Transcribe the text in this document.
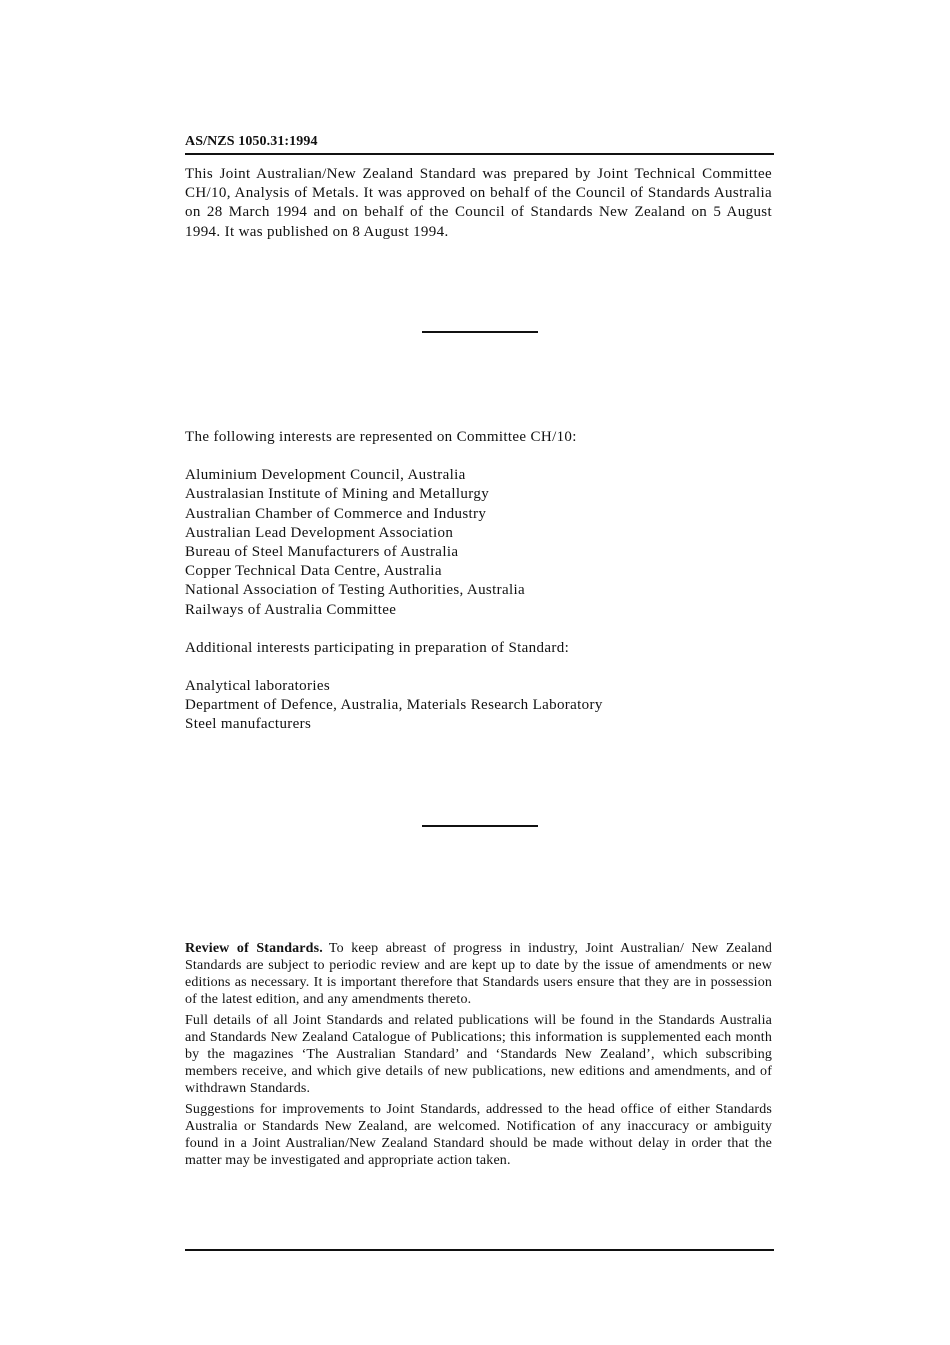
AS/NZS 1050.31:1994

This Joint Australian/New Zealand Standard was prepared by Joint Technical Committee CH/10, Analysis of Metals. It was approved on behalf of the Council of Standards Australia on 28 March 1994 and on behalf of the Council of Standards New Zealand on 5 August 1994. It was published on 8 August 1994.

The following interests are represented on Committee CH/10:
Aluminium Development Council, Australia
Australasian Institute of Mining and Metallurgy
Australian Chamber of Commerce and Industry
Australian Lead Development Association
Bureau of Steel Manufacturers of Australia
Copper Technical Data Centre, Australia
National Association of Testing Authorities, Australia
Railways of Australia Committee
Additional interests participating in preparation of Standard:
Analytical laboratories
Department of Defence, Australia, Materials Research Laboratory
Steel manufacturers

Review of Standards. To keep abreast of progress in industry, Joint Australian/ New Zealand Standards are subject to periodic review and are kept up to date by the issue of amendments or new editions as necessary. It is important therefore that Standards users ensure that they are in possession of the latest edition, and any amendments thereto.

Full details of all Joint Standards and related publications will be found in the Standards Australia and Standards New Zealand Catalogue of Publications; this information is supplemented each month by the magazines ‘The Australian Standard’ and ‘Standards New Zealand’, which subscribing members receive, and which give details of new publications, new editions and amendments, and of withdrawn Standards.

Suggestions for improvements to Joint Standards, addressed to the head office of either Standards Australia or Standards New Zealand, are welcomed. Notification of any inaccuracy or ambiguity found in a Joint Australian/New Zealand Standard should be made without delay in order that the matter may be investigated and appropriate action taken.
